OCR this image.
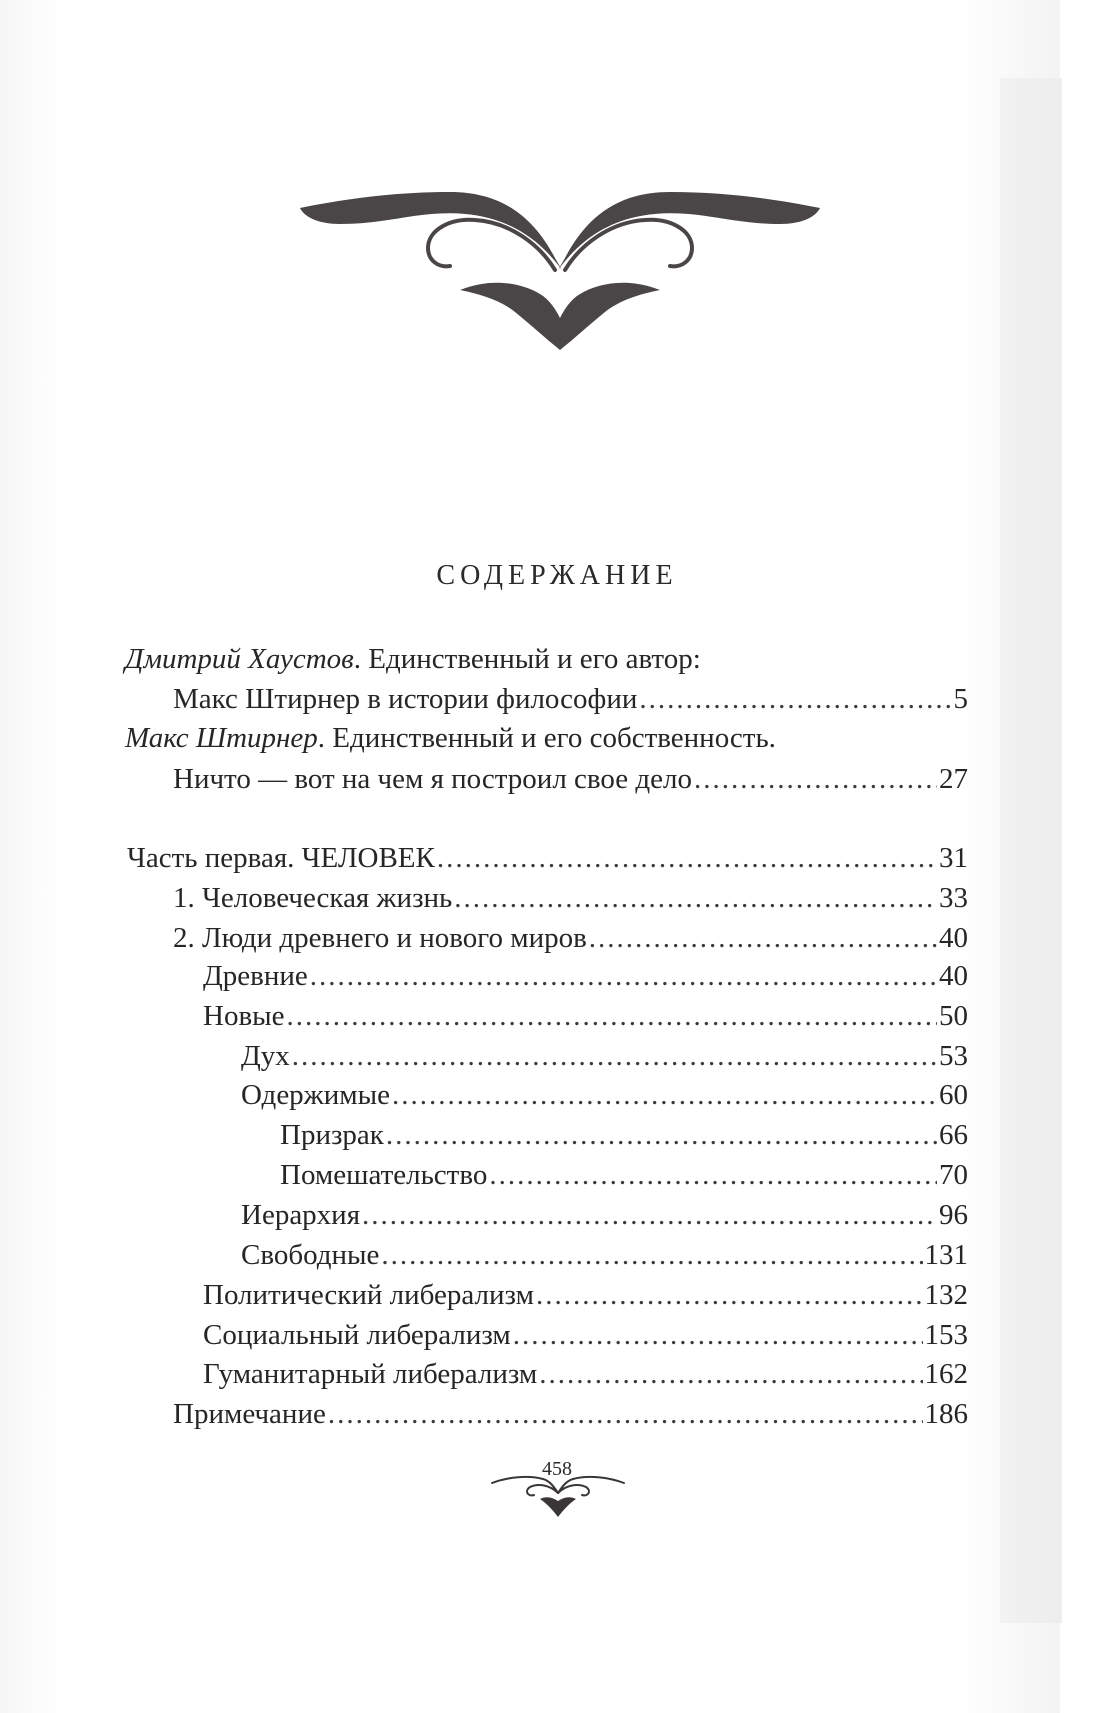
СОДЕРЖАНИЕ
Дмитрий Хаустов. Единственный и его автор:
Макс Штирнер в истории философии .....	5
Макс Штирнер. Единственный и его собственность.
Ничто — вот на чем я построил свое дело .....	27
Часть первая. ЧЕЛОВЕК .....	31
1. Человеческая жизнь .....	33
2. Люди древнего и нового миров .....	40
Древние .....	40
Новые .....	50
Дух .....	53
Одержимые .....	60
Призрак .....	66
Помешательство .....	70
Иерархия .....	96
Свободные .....	131
Политический либерализм .....	132
Социальный либерализм .....	153
Гуманитарный либерализм .....	162
Примечание .....	186
458
